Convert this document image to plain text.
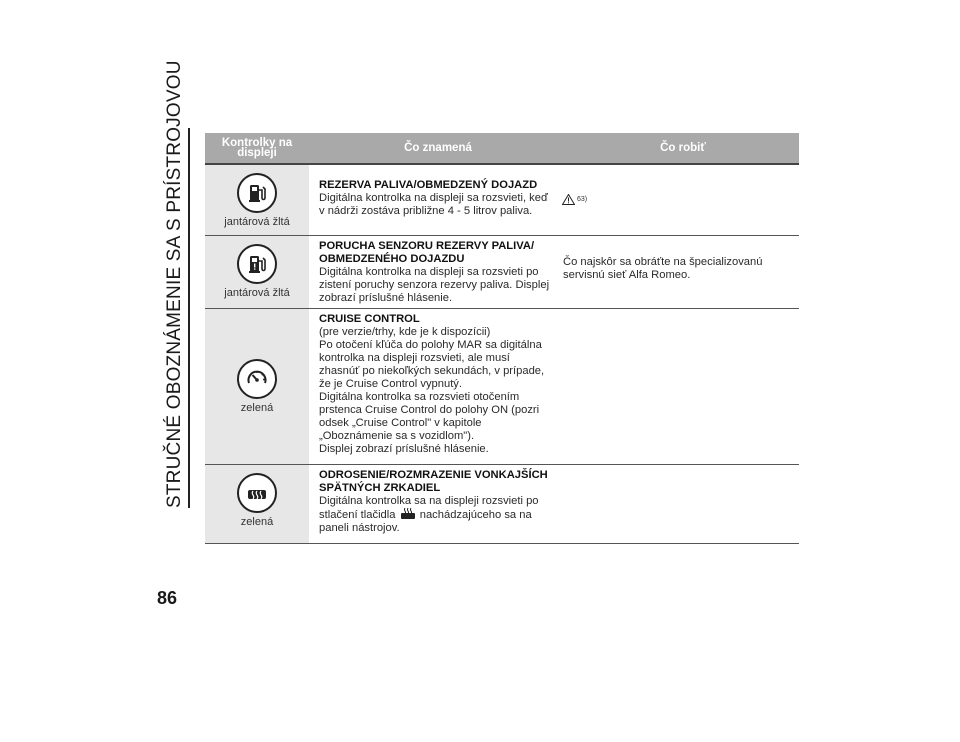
STRUČNÉ OBOZNÁMENIE SA S PRÍSTROJOVOU
86
Kontrolky na displeji	Čo znamená	Čo robiť
jantárová žltá
REZERVA PALIVA/OBMEDZENÝ DOJAZD
Digitálna kontrolka na displeji sa rozsvieti, keď v nádrži zostáva približne 4 - 5 litrov paliva.
63)
jantárová žltá
PORUCHA SENZORU REZERVY PALIVA/ OBMEDZENÉHO DOJAZDU
Digitálna kontrolka na displeji sa rozsvieti po zistení poruchy senzora rezervy paliva. Displej zobrazí príslušné hlásenie.
Čo najskôr sa obráťte na špecializovanú servisnú sieť Alfa Romeo.
zelená
CRUISE CONTROL
(pre verzie/trhy, kde je k dispozícii)
Po otočení kľúča do polohy MAR sa digitálna kontrolka na displeji rozsvieti, ale musí zhasnúť po niekoľkých sekundách, v prípade, že je Cruise Control vypnutý.
Digitálna kontrolka sa rozsvieti otočením prstenca Cruise Control do polohy ON (pozri odsek „Cruise Control" v kapitole „Oboznámenie sa s vozidlom").
Displej zobrazí príslušné hlásenie.
zelená
ODROSENIE/ROZMRAZENIE VONKAJŠÍCH SPÄTNÝCH ZRKADIEL
Digitálna kontrolka sa na displeji rozsvieti po stlačení tlačidla  nachádzajúceho sa na paneli nástrojov.
